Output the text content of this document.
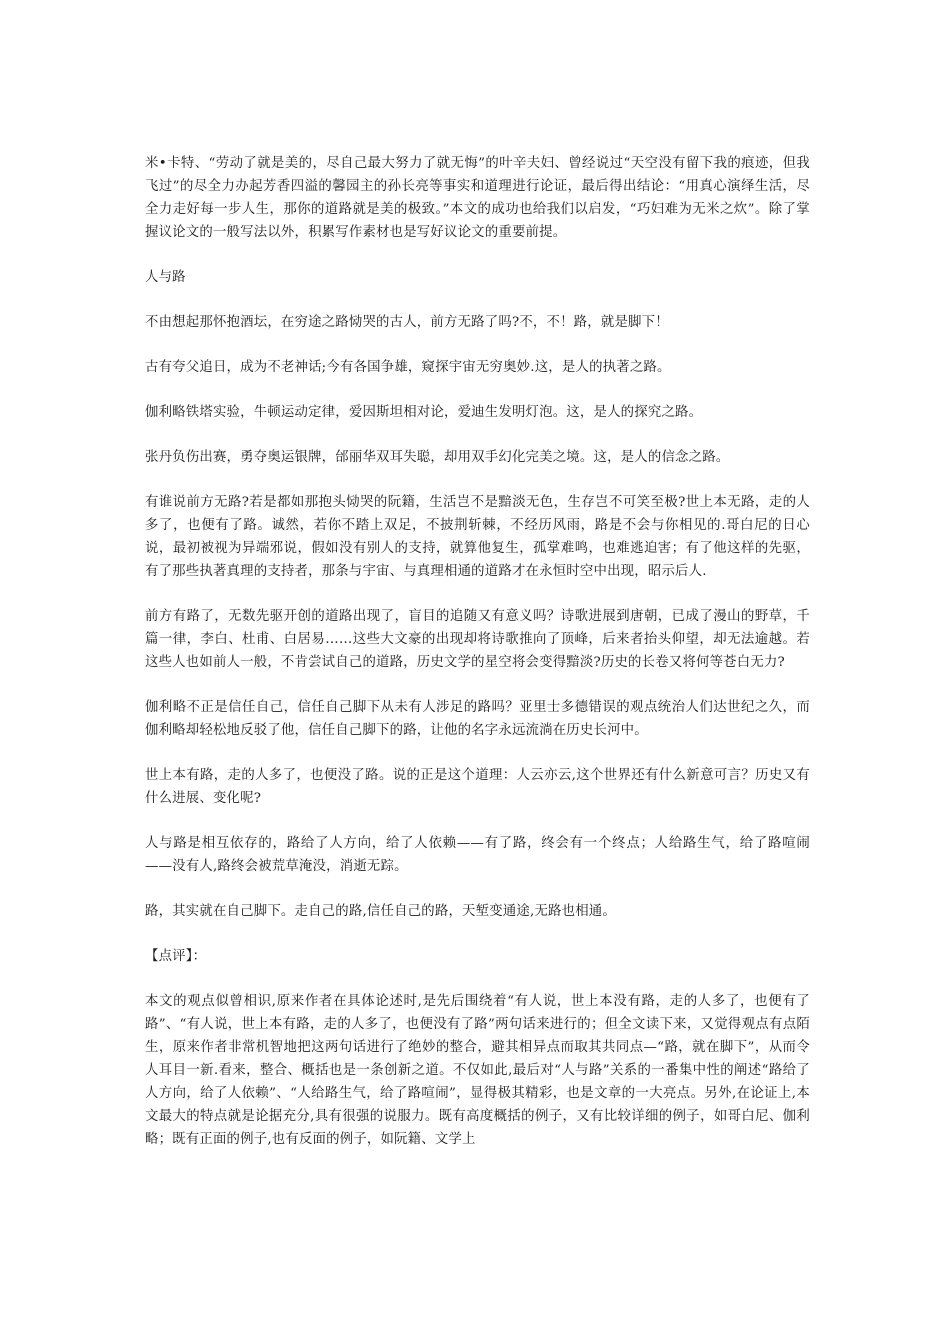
米•卡特、“劳动了就是美的，尽自己最大努力了就无悔”的叶辛夫妇、曾经说过“天空没有留下我的痕迹，但我飞过”的尽全力办起芳香四溢的馨园主的孙长亮等事实和道理进行论证，最后得出结论：“用真心演绎生活，尽全力走好每一步人生，那你的道路就是美的极致。”本文的成功也给我们以启发，“巧妇难为无米之炊”。除了掌握议论文的一般写法以外，积累写作素材也是写好议论文的重要前提。

人与路

不由想起那怀抱酒坛，在穷途之路恸哭的古人，前方无路了吗?不，不！路，就是脚下！

古有夸父追日，成为不老神话;今有各国争雄，窥探宇宙无穷奥妙.这，是人的执著之路。

伽利略铁塔实验，牛顿运动定律，爱因斯坦相对论，爱迪生发明灯泡。这，是人的探究之路。

张丹负伤出赛，勇夺奥运银牌，邰丽华双耳失聪，却用双手幻化完美之境。这，是人的信念之路。

有谁说前方无路?若是都如那抱头恸哭的阮籍，生活岂不是黯淡无色，生存岂不可笑至极?世上本无路，走的人多了，也便有了路。诚然，若你不踏上双足，不披荆斩棘，不经历风雨，路是不会与你相见的.哥白尼的日心说，最初被视为异端邪说，假如没有别人的支持，就算他复生，孤掌难鸣，也难逃迫害；有了他这样的先驱，有了那些执著真理的支持者，那条与宇宙、与真理相通的道路才在永恒时空中出现，昭示后人.

前方有路了，无数先驱开创的道路出现了，盲目的追随又有意义吗？诗歌进展到唐朝，已成了漫山的野草，千篇一律，李白、杜甫、白居易……这些大文豪的出现却将诗歌推向了顶峰，后来者抬头仰望，却无法逾越。若这些人也如前人一般，不肯尝试自己的道路，历史文学的星空将会变得黯淡?历史的长卷又将何等苍白无力?

伽利略不正是信任自己，信任自己脚下从未有人涉足的路吗？亚里士多德错误的观点统治人们达世纪之久，而伽利略却轻松地反驳了他，信任自己脚下的路，让他的名字永远流淌在历史长河中。

世上本有路，走的人多了，也便没了路。说的正是这个道理：人云亦云,这个世界还有什么新意可言？历史又有什么进展、变化呢?

人与路是相互依存的，路给了人方向，给了人依赖——有了路，终会有一个终点；人给路生气，给了路喧闹——没有人,路终会被荒草淹没，消逝无踪。

路，其实就在自己脚下。走自己的路,信任自己的路，天堑变通途,无路也相通。

【点评】：

本文的观点似曾相识,原来作者在具体论述时,是先后围绕着“有人说，世上本没有路，走的人多了，也便有了路”、“有人说，世上本有路，走的人多了，也便没有了路”两句话来进行的；但全文读下来，又觉得观点有点陌生，原来作者非常机智地把这两句话进行了绝妙的整合，避其相异点而取其共同点—“路，就在脚下”，从而令人耳目一新.看来，整合、概括也是一条创新之道。不仅如此,最后对“人与路”关系的一番集中性的阐述“路给了人方向，给了人依赖”、“人给路生气，给了路喧闹”，显得极其精彩，也是文章的一大亮点。另外,在论证上,本文最大的特点就是论据充分,具有很强的说服力。既有高度概括的例子，又有比较详细的例子，如哥白尼、伽利略；既有正面的例子,也有反面的例子，如阮籍、文学上
